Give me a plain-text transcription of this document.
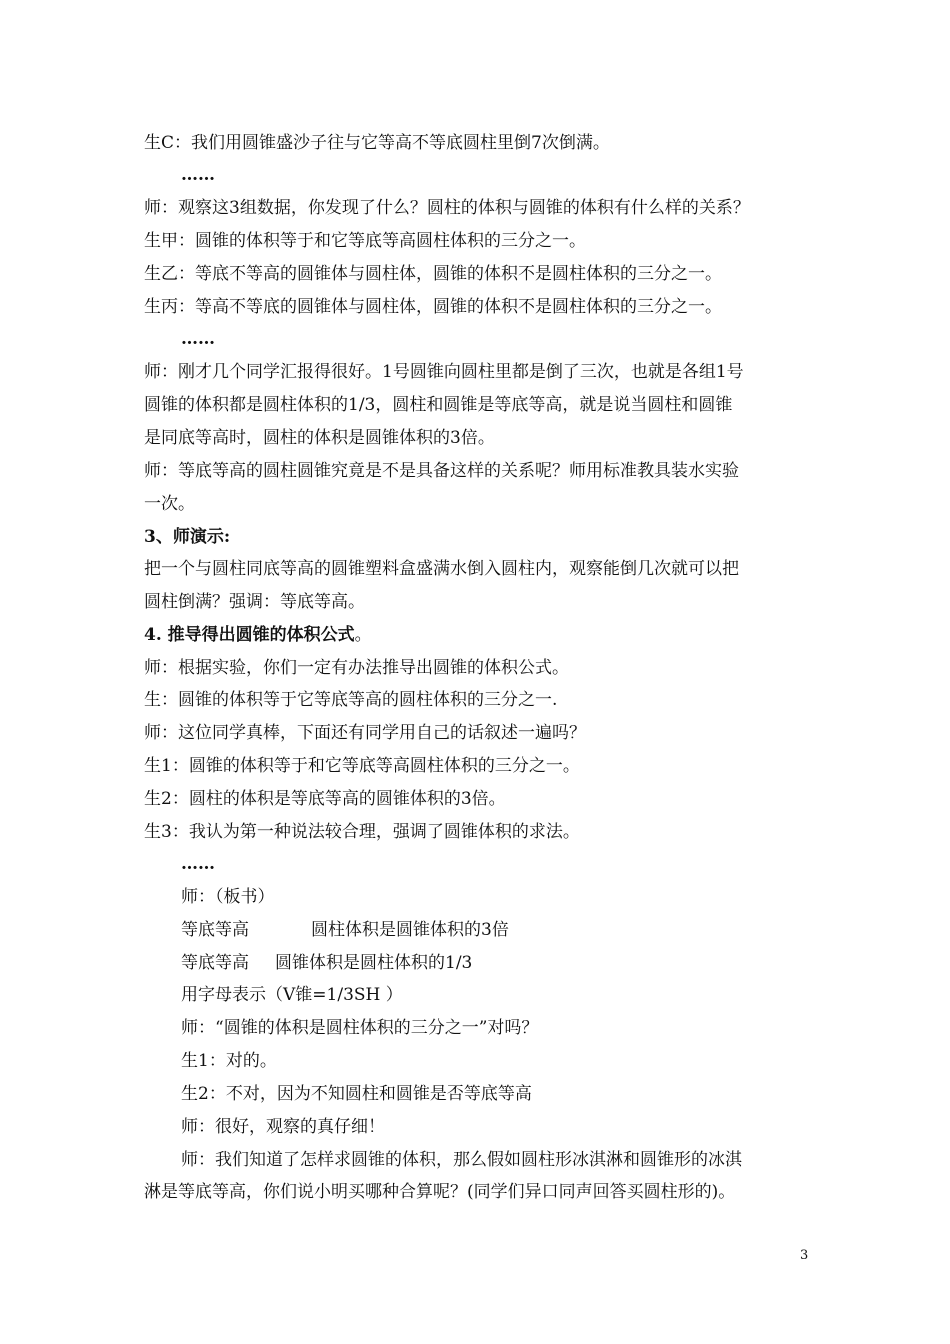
生C：我们用圆锥盛沙子往与它等高不等底圆柱里倒7次倒满。
……
师：观察这3组数据，你发现了什么？圆柱的体积与圆锥的体积有什么样的关系？
生甲：圆锥的体积等于和它等底等高圆柱体积的三分之一。
生乙：等底不等高的圆锥体与圆柱体，圆锥的体积不是圆柱体积的三分之一。
生丙：等高不等底的圆锥体与圆柱体，圆锥的体积不是圆柱体积的三分之一。
……
师：刚才几个同学汇报得很好。1号圆锥向圆柱里都是倒了三次，也就是各组1号
圆锥的体积都是圆柱体积的1/3，圆柱和圆锥是等底等高，就是说当圆柱和圆锥
是同底等高时，圆柱的体积是圆锥体积的3倍。
师：等底等高的圆柱圆锥究竟是不是具备这样的关系呢？师用标准教具装水实验
一次。
3、师演示:
把一个与圆柱同底等高的圆锥塑料盒盛满水倒入圆柱内，观察能倒几次就可以把
圆柱倒满？强调：等底等高。
4. 推导得出圆锥的体积公式。
师：根据实验，你们一定有办法推导出圆锥的体积公式。
生：圆锥的体积等于它等底等高的圆柱体积的三分之一.
师：这位同学真棒，下面还有同学用自己的话叙述一遍吗？
生1：圆锥的体积等于和它等底等高圆柱体积的三分之一。
生2：圆柱的体积是等底等高的圆锥体积的3倍。
生3：我认为第一种说法较合理，强调了圆锥体积的求法。
……
师：（板书）
等底等高	圆柱体积是圆锥体积的3倍
等底等高 圆锥体积是圆柱体积的1/3
用字母表示（V锥=1/3SH ）
师：“圆锥的体积是圆柱体积的三分之一”对吗？
生1：对的。
生2：不对，因为不知圆柱和圆锥是否等底等高
师：很好，观察的真仔细！
师：我们知道了怎样求圆锥的体积，那么假如圆柱形冰淇淋和圆锥形的冰淇
淋是等底等高，你们说小明买哪种合算呢？(同学们异口同声回答买圆柱形的)。
3
